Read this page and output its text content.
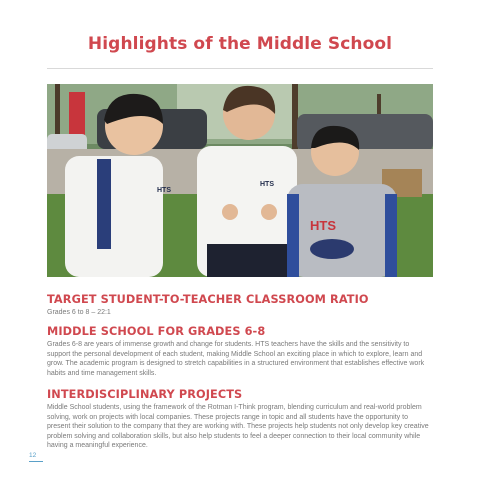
Highlights of the Middle School
HTS
HTS
HTS
TARGET STUDENT-TO-TEACHER CLASSROOM RATIO
Grades 6 to 8 – 22:1
MIDDLE SCHOOL FOR GRADES 6-8
Grades 6-8 are years of immense growth and change for students. HTS teachers have the skills and the sensitivity to support the personal development of each student, making Middle School an exciting place in which to explore, learn and grow. The academic program is designed to stretch capabilities in a structured environment that establishes effective work habits and time management skills.
INTERDISCIPLINARY PROJECTS
Middle School students, using the framework of the Rotman I-Think program, blending curriculum and real-world problem solving, work on projects with local companies. These projects range in topic and all students have the opportunity to present their solution to the company that they are working with. These projects help students not only develop key creative problem solving and collaboration skills, but also help students to feel a deeper connection to their local community while having a meaningful experience.
12
